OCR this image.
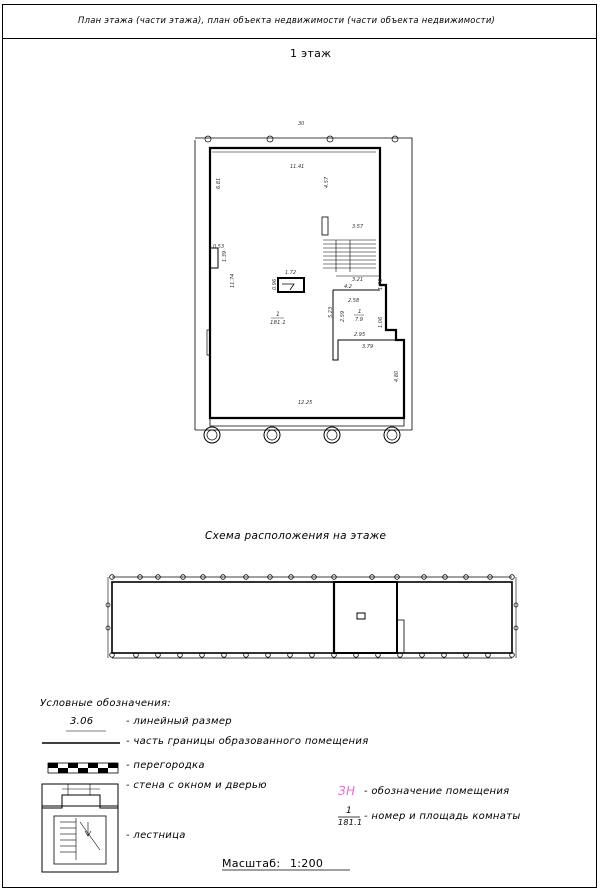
План этажа (части этажа), план объекта недвижимости (части объекта недвижимости)
1 этаж
30
11.41
6.81	4.57
3.57
0.53
1.39
1.72
0.96
11.74	3.21
4.2	1.76
2.58
5.23 2.59
1.06
2.95
3.79
4.80
12.25
1
181.1
1
7.9
Схема расположения на этаже
Условные обозначения:
3.06	- линейный размер
- часть границы образованного помещения
- перегородка
- стена с окном и дверью
- лестница
ЗН - обозначение помещения
1
181.1
- номер и площадь комнаты
Масштаб: 1:200
